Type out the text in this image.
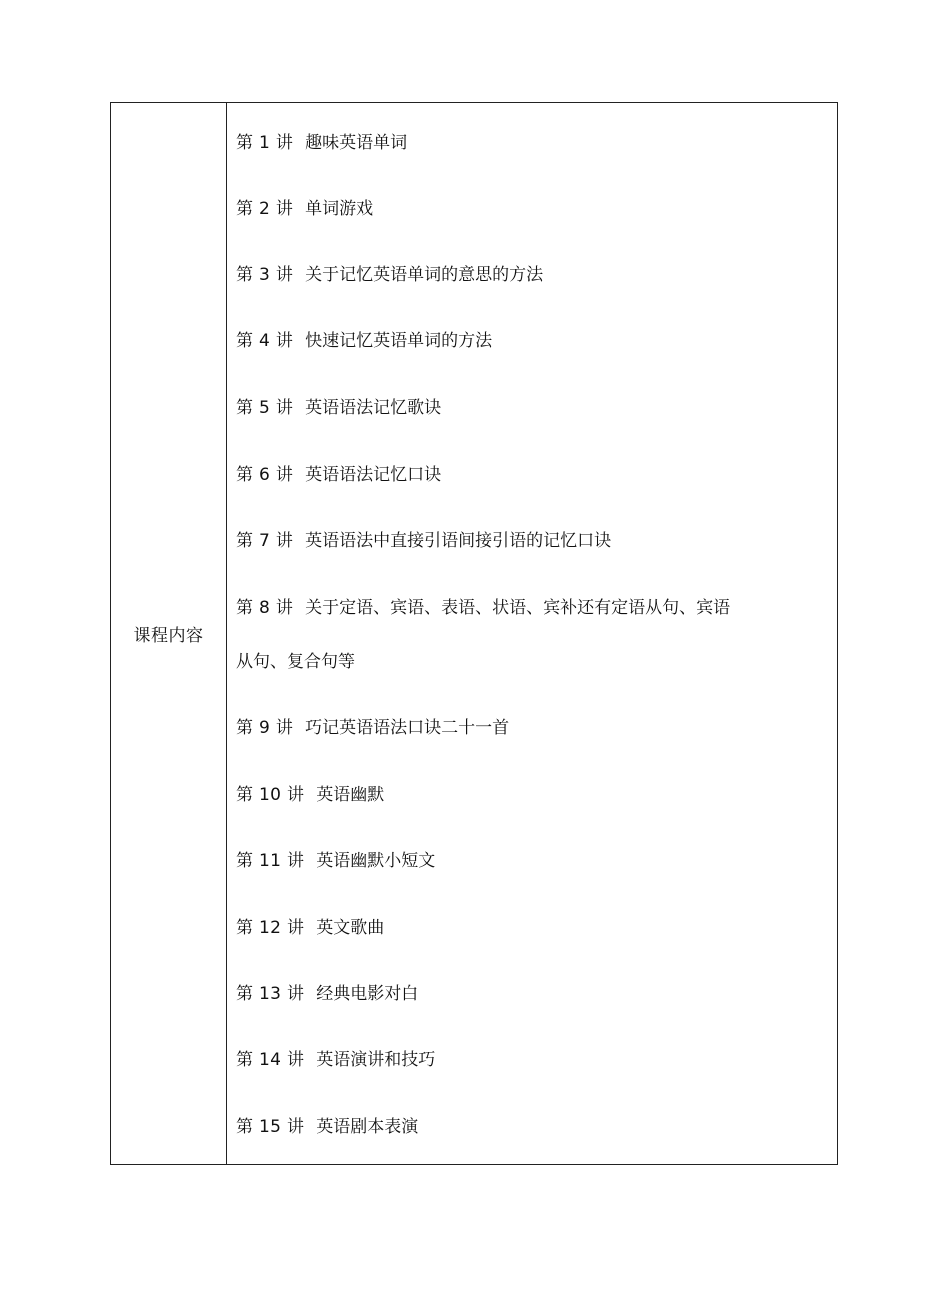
课程内容
第 1 讲 趣味英语单词
第 2 讲 单词游戏
第 3 讲 关于记忆英语单词的意思的方法
第 4 讲 快速记忆英语单词的方法
第 5 讲 英语语法记忆歌诀
第 6 讲 英语语法记忆口诀
第 7 讲 英语语法中直接引语间接引语的记忆口诀
第 8 讲 关于定语、宾语、表语、状语、宾补还有定语从句、宾语
从句、复合句等
第 9 讲 巧记英语语法口诀二十一首
第 10 讲 英语幽默
第 11 讲 英语幽默小短文
第 12 讲 英文歌曲
第 13 讲 经典电影对白
第 14 讲 英语演讲和技巧
第 15 讲 英语剧本表演
